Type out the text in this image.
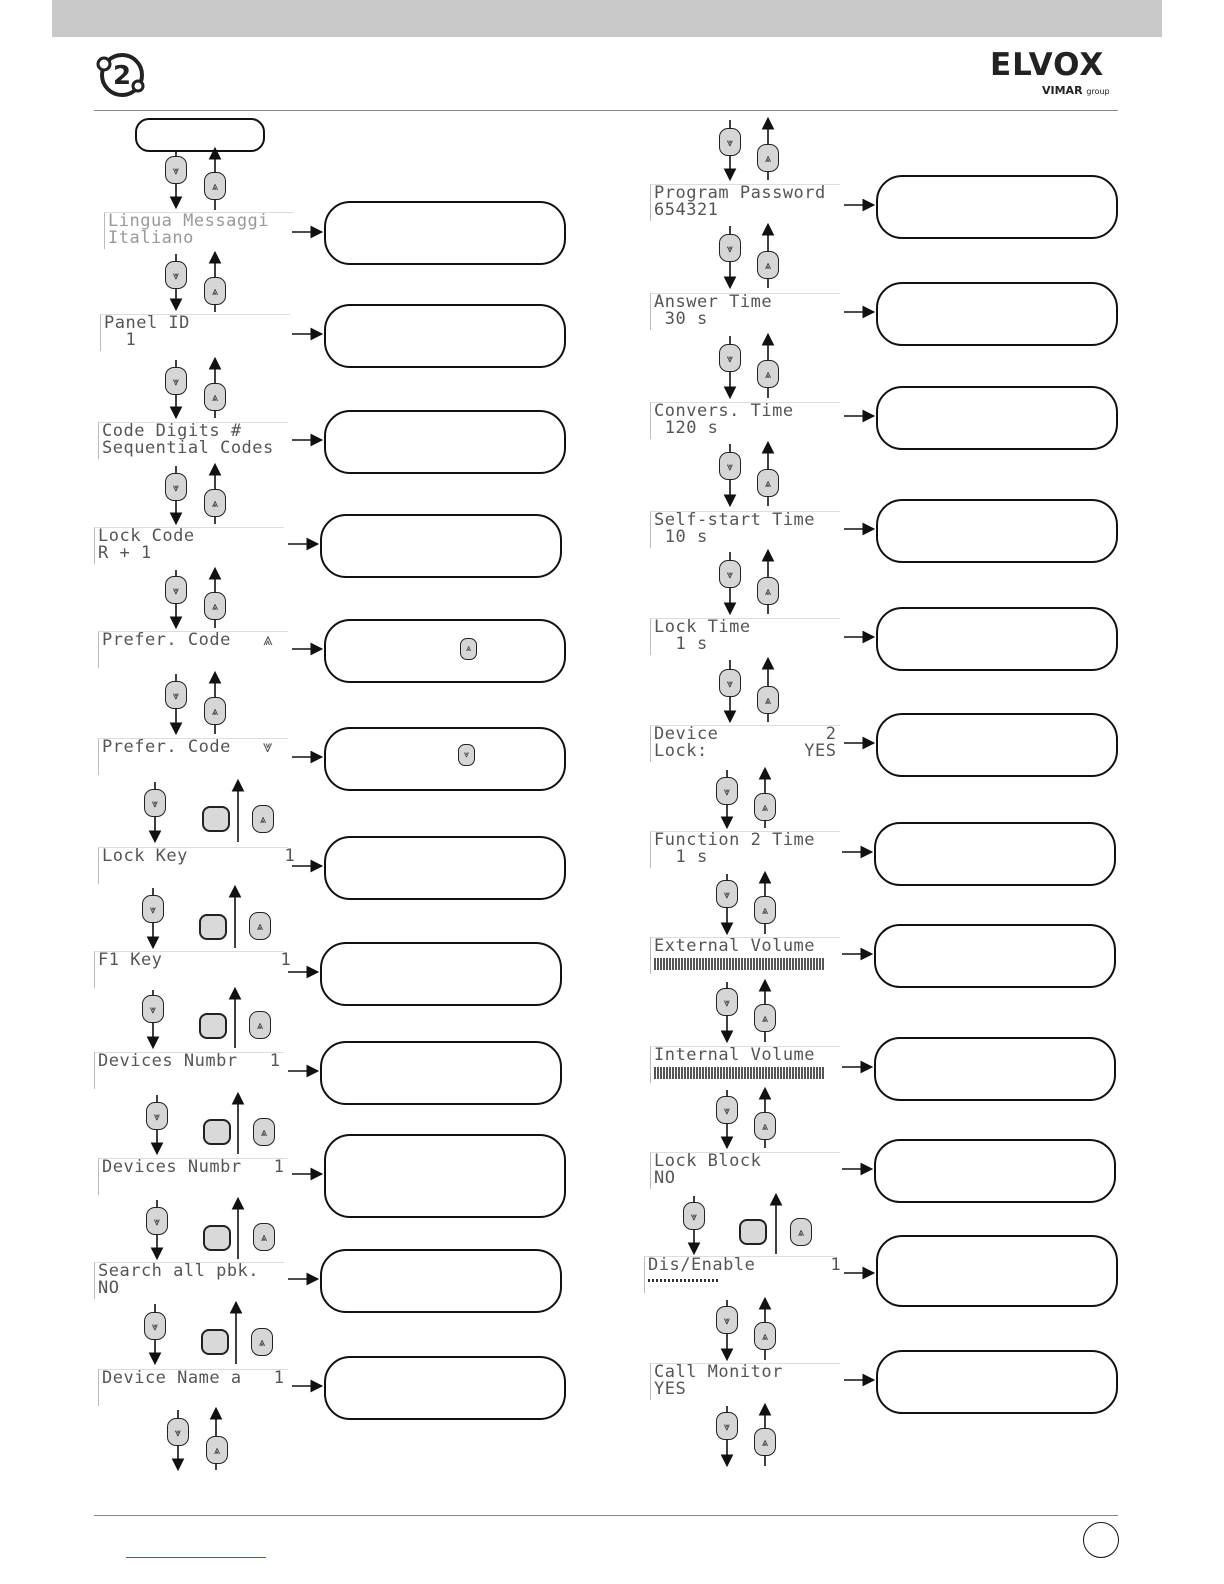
2	ELVOX
VIMAR group
Lingua Messaggi
Italiano
Panel ID
1
Code Digits #
Sequential Codes
Lock Code
R + 1
Prefer. Code   ⩓
Prefer. Code   ⩔
Lock Key         1
F1 Key           1
Devices Numbr   1
Devices Numbr   1
Search all pbk.
NO
Device Name a   1
Program Password
654321
Answer Time
30 s
Convers. Time
120 s
Self-start Time
10 s
Lock Time
1 s
Device          2
Lock:         YES
Function 2 Time
1 s
External Volume
Internal Volume
Lock Block
NO
Dis/Enable       1
Call Monitor
YES
⩓
⩔
⩔
⩓
⩔
⩓
⩔
⩓
⩔
⩓
⩔
⩓
⩔
⩓
⩔
⩓
⩔
⩓
⩔
⩓
⩔
⩓
⩔
⩓
⩔
⩓
⩔
⩓
⩔
⩓
⩔
⩓
⩔
⩓
⩔
⩓
⩔
⩓
⩔
⩓
⩔
⩓
⩔
⩓
⩔
⩓
⩔
⩓
⩔
⩓
⩔
⩓
⩔
⩓
